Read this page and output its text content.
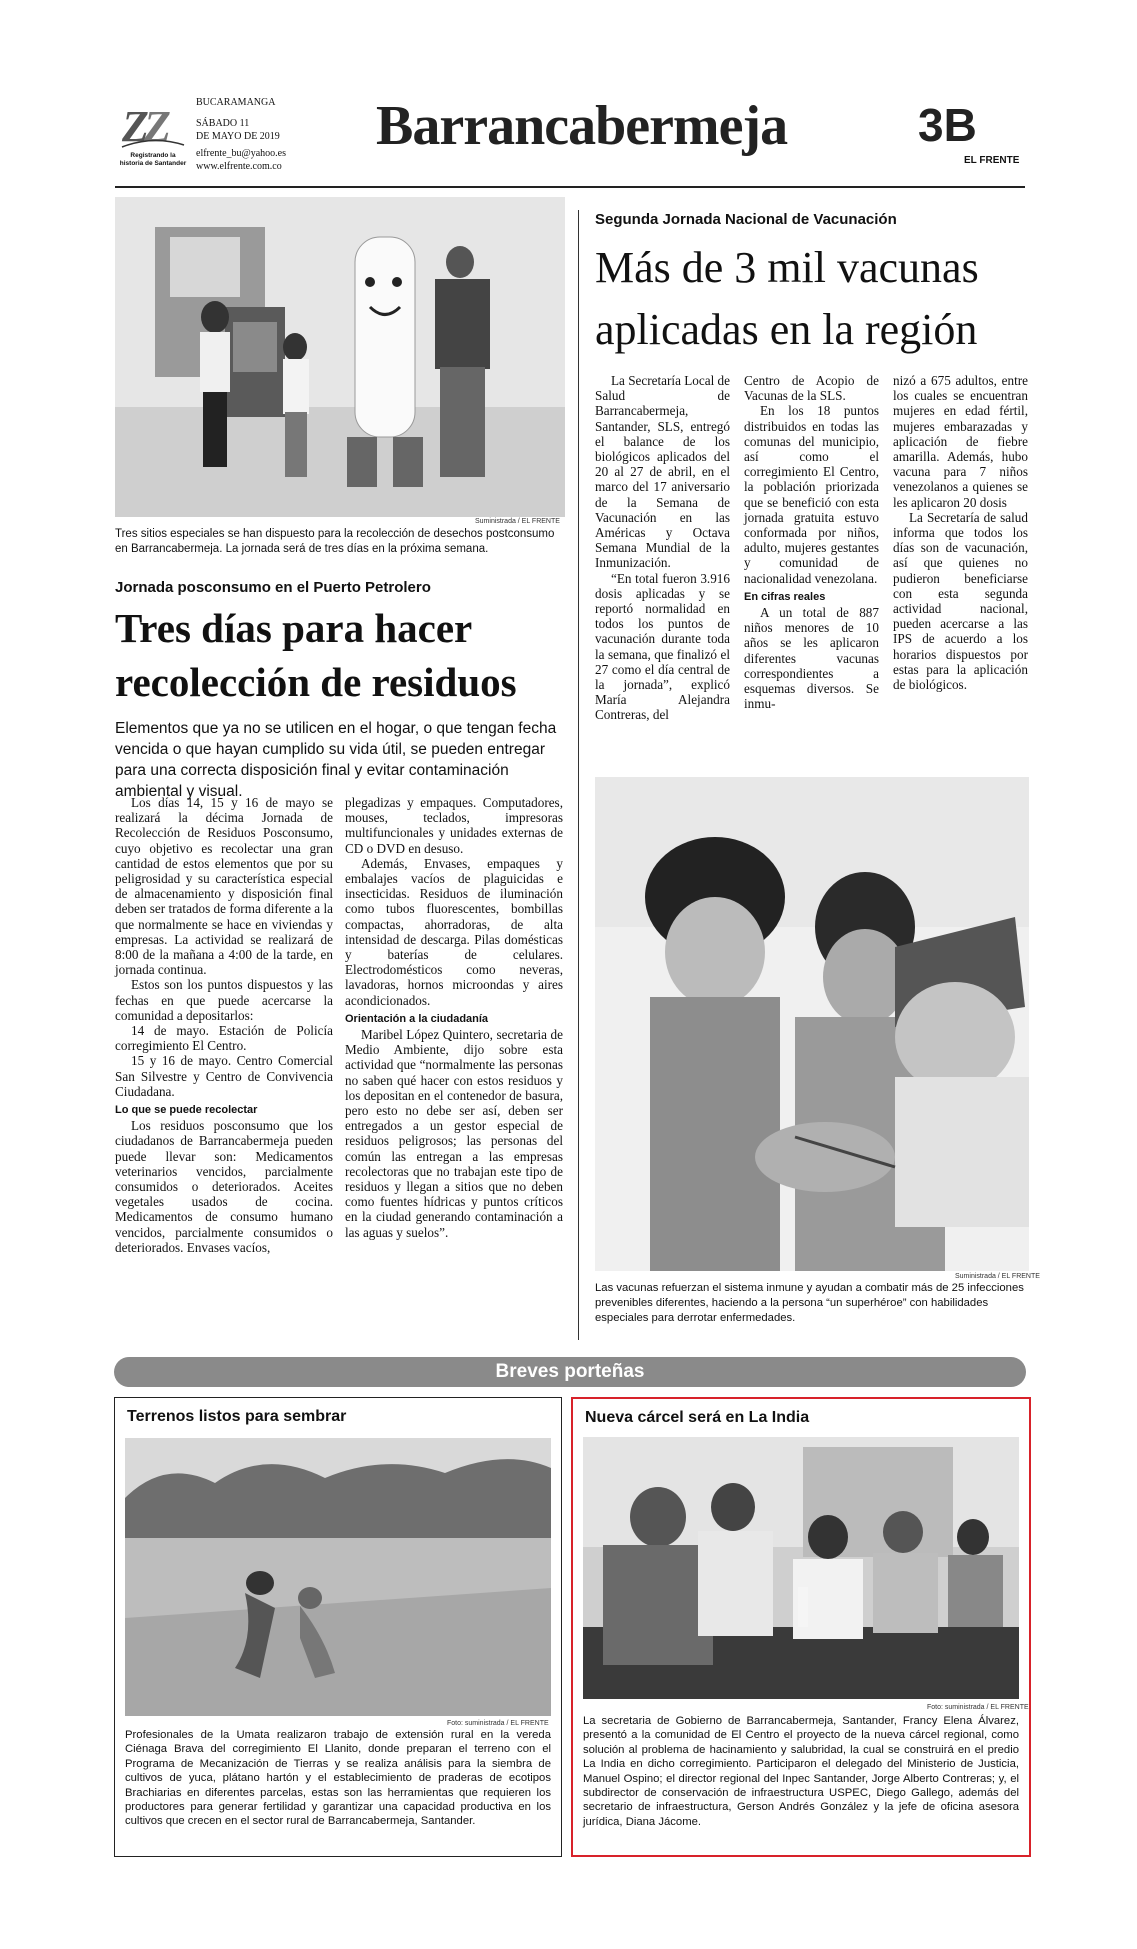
Z
Z
Registrando la historia de Santander
BUCARAMANGA
SÁBADO 11
DE MAYO DE 2019
elfrente_bu@yahoo.es
www.elfrente.com.co
Barrancabermeja	3B
EL FRENTE
Suministrada / EL FRENTE
Tres sitios especiales se han dispuesto para la recolección de desechos postconsumo en Barrancabermeja. La jornada será de tres días en la próxima semana.
Jornada posconsumo en el Puerto Petrolero
Tres días para hacer
recolección de residuos
Elementos que ya no se utilicen en el hogar, o que tengan fecha vencida o que hayan cumplido su vida útil, se pueden entregar para una correcta disposición final y evitar contaminación ambiental y visual.

Los días 14, 15 y 16 de mayo se realizará la décima Jornada de Recolección de Residuos Posconsumo, cuyo objetivo es recolectar una gran cantidad de estos elementos que por su peligrosidad y su característica especial de almacenamiento y disposición final deben ser tratados de forma diferente a la que normalmente se hace en viviendas y empresas. La actividad se realizará de 8:00 de la mañana a 4:00 de la tarde, en jornada continua.

Estos son los puntos dispuestos y las fechas en que puede acercarse la comunidad a depositarlos:

14 de mayo. Estación de Policía corregimiento El Centro.

15 y 16 de mayo. Centro Comercial San Silvestre y Centro de Convivencia Ciudadana.

Lo que se puede recolectar

Los residuos posconsumo que los ciudadanos de Barrancabermeja pueden puede llevar son: Medicamentos veterinarios vencidos, parcialmente consumidos o deteriorados. Aceites vegetales usados de cocina. Medicamentos de consumo humano vencidos, parcialmente consumidos o deteriorados. Envases vacíos,

plegadizas y empaques. Computadores, mouses, teclados, impresoras multifuncionales y unidades externas de CD o DVD en desuso.

Además, Envases, empaques y embalajes vacíos de plaguicidas e insecticidas. Residuos de iluminación como tubos fluorescentes, bombillas compactas, ahorradoras, de alta intensidad de descarga. Pilas domésticas y baterías de celulares. Electrodomésticos como neveras, lavadoras, hornos microondas y aires acondicionados.

Orientación a la ciudadanía

Maribel López Quintero, secretaria de Medio Ambiente, dijo sobre esta actividad que “normalmente las personas no saben qué hacer con estos residuos y los depositan en el contenedor de basura, pero esto no debe ser así, deben ser entregados a un gestor especial de residuos peligrosos; las personas del común las entregan a las empresas recolectoras que no trabajan este tipo de residuos y llegan a sitios que no deben como fuentes hídricas y puntos críticos en la ciudad generando contaminación a las aguas y suelos”.

Segunda Jornada Nacional de Vacunación
Más de 3 mil vacunas
aplicadas en la región

La Secretaría Local de Salud de Barrancabermeja, Santander, SLS, entregó el balance de los biológicos aplicados del 20 al 27 de abril, en el marco del 17 aniversario de la Semana de Vacunación en las Américas y Octava Semana Mundial de la Inmunización.

“En total fueron 3.916 dosis aplicadas y se reportó normalidad en todos los puntos de vacunación durante toda la semana, que finalizó el 27 como el día central de la jornada”, explicó María Alejandra Contreras, del

Centro de Acopio de Vacunas de la SLS.

En los 18 puntos distribuidos en todas las comunas del municipio, así como el corregimiento El Centro, la población priorizada que se benefició con esta jornada gratuita estuvo conformada por niños, adulto, mujeres gestantes y comunidad de nacionalidad venezolana.

En cifras reales

A un total de 887 niños menores de 10 años se les aplicaron diferentes vacunas correspondientes a esquemas diversos. Se inmu-

nizó a 675 adultos, entre los cuales se encuentran mujeres en edad fértil, mujeres embarazadas y aplicación de fiebre amarilla. Además, hubo vacuna para 7 niños venezolanos a quienes se les aplicaron 20 dosis

La Secretaría de salud informa que todos los días son de vacunación, así que quienes no pudieron beneficiarse con esta segunda actividad nacional, pueden acercarse a las IPS de acuerdo a los horarios dispuestos por estas para la aplicación de biológicos.

Suministrada / EL FRENTE
Las vacunas refuerzan el sistema inmune y ayudan a combatir más de 25 infecciones prevenibles diferentes, haciendo a la persona “un superhéroe” con habilidades especiales para derrotar enfermedades.
Breves porteñas
Terrenos listos para sembrar
Foto: suministrada / EL FRENTE
Profesionales de la Umata realizaron trabajo de extensión rural en la vereda Ciénaga Brava del corregimiento El Llanito, donde preparan el terreno con el Programa de Mecanización de Tierras y se realiza análisis para la siembra de cultivos de yuca, plátano hartón y el establecimiento de praderas de ecotipos Brachiarias en diferentes parcelas, estas son las herramientas que requieren los productores para generar fertilidad y garantizar una capacidad productiva en los cultivos que crecen en el sector rural de Barrancabermeja, Santander.
Nueva cárcel será en La India
Foto: suministrada / EL FRENTE
La secretaria de Gobierno de Barrancabermeja, Santander, Francy Elena Álvarez, presentó a la comunidad de El Centro el proyecto de la nueva cárcel regional, como solución al problema de hacinamiento y salubridad, la cual se construirá en el predio La India en dicho corregimiento. Participaron el delegado del Ministerio de Justicia, Manuel Ospino; el director regional del Inpec Santander, Jorge Alberto Contreras; y, el subdirector de conservación de infraestructura USPEC, Diego Gallego, además del secretario de infraestructura, Gerson Andrés González y la jefe de oficina asesora jurídica, Diana Jácome.
